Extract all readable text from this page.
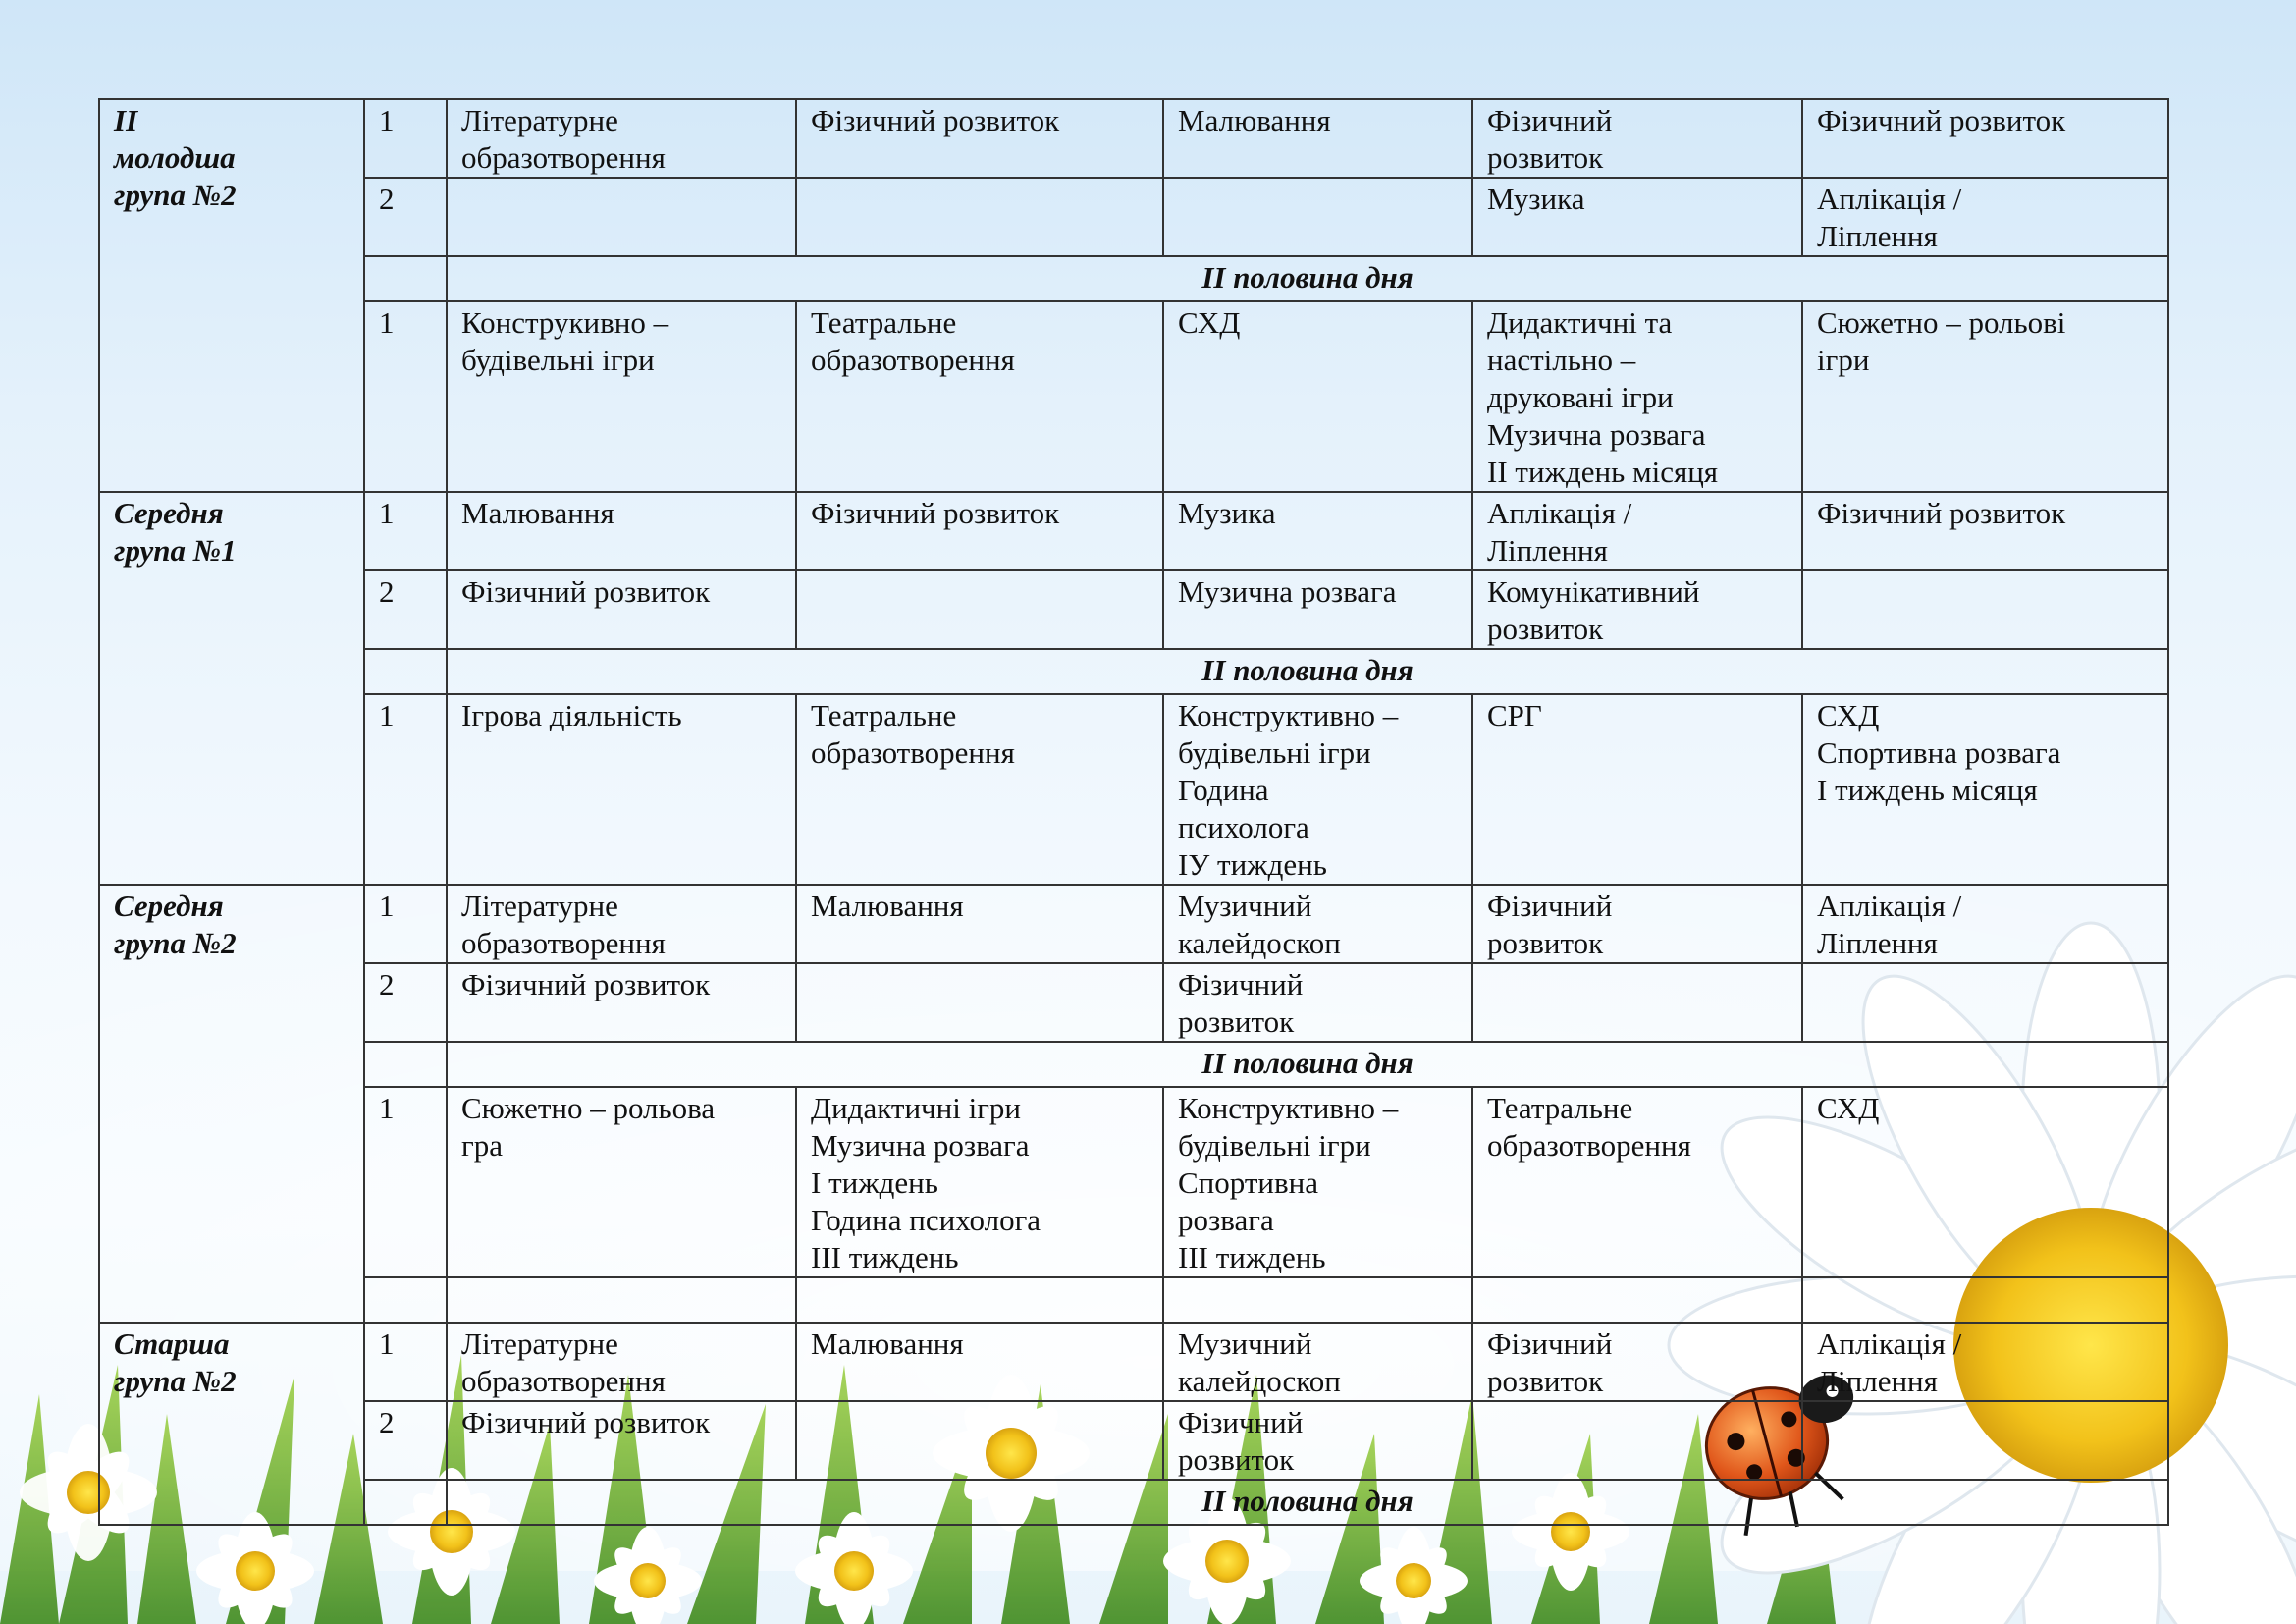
ІІ
молодша
група №2	1	Літературне
образотворення	Фізичний розвиток	Малювання	Фізичний
розвиток	Фізичний розвиток
	2				Музика	Аплікація /
Ліплення
		ІІ половина дня				
	1	Конструкивно –
будівельні ігри	Театральне
образотворення	СХД	Дидактичні та
настільно –
друковані ігри
Музична розвага
ІІ тиждень місяця	Сюжетно – рольові
ігри
Середня
група №1	1	Малювання	Фізичний розвиток	Музика	Аплікація /
Ліплення	Фізичний розвиток
	2	Фізичний розвиток		Музична розвага	Комунікативний
розвиток	
		ІІ половина дня				
	1	Ігрова діяльність	Театральне
образотворення	Конструктивно –
будівельні ігри
Година
психолога
ІУ тиждень	СРГ	СХД
Спортивна розвага
І тиждень місяця
Середня
група №2	1	Літературне
образотворення	Малювання	Музичний
калейдоскоп	Фізичний
розвиток	Аплікація /
Ліплення
	2	Фізичний розвиток		Фізичний
розвиток		
		ІІ половина дня				
	1	Сюжетно – рольова
гра	Дидактичні ігри
Музична розвага
І тиждень
Година психолога
ІІІ тиждень	Конструктивно –
будівельні ігри
Спортивна
розвага
ІІІ тиждень	Театральне
образотворення	СХД

Старша
група №2	1	Літературне
образотворення	Малювання	Музичний
калейдоскоп	Фізичний
розвиток	Аплікація /
Ліплення
	2	Фізичний розвиток		Фізичний
розвиток		
		ІІ половина дня				
